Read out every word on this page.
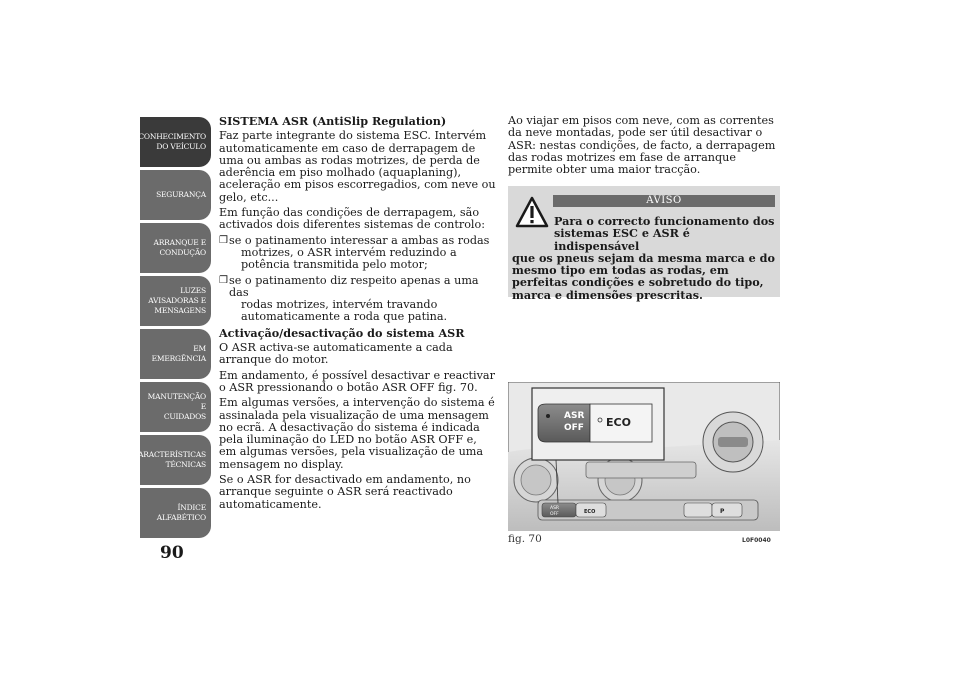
CONHECIMENTO
DO VEÍCULO
SEGURANÇA
ARRANQUE E
CONDUÇÃO
LUZES
AVISADORAS E
MENSAGENS
EM EMERGÊNCIA
MANUTENÇÃO E
CUIDADOS
CARACTERÍSTICAS
TÉCNICAS
ÍNDICE
ALFABÉTICO
90
SISTEMA ASR (AntiSlip Regulation)

Faz parte integrante do sistema ESC. Intervém automaticamente em caso de derrapagem de uma ou ambas as rodas motrizes, de perda de aderência em piso molhado (aquaplaning), aceleração em pisos escorregadios, com neve ou gelo, etc...

Em função das condições de derrapagem, são activados dois diferentes sistemas de controlo:

❒ se o patinamento interessar a ambas as rodas
motrizes, o ASR intervém reduzindo a potência transmitida pelo motor;
❒ se o patinamento diz respeito apenas a uma das
rodas motrizes, intervém travando automaticamente a roda que patina.
Activação/desactivação do sistema ASR

O ASR activa-se automaticamente a cada arranque do motor.

Em andamento, é possível desactivar e reactivar o ASR pressionando o botão ASR OFF fig. 70.

Em algumas versões, a intervenção do sistema é assinalada pela visualização de uma mensagem no ecrã. A desactivação do sistema é indicada pela iluminação do LED no botão ASR OFF e, em algumas versões, pela visualização de uma mensagem no display.

Se o ASR for desactivado em andamento, no arranque seguinte o ASR será reactivado automaticamente.

Ao viajar em pisos com neve, com as correntes da neve montadas, pode ser útil desactivar o ASR: nestas condições, de facto, a derrapagem das rodas motrizes em fase de arranque permite obter uma maior tracção.

AVISO
Para o correcto funcionamento dos sistemas ESC e ASR é indispensável
que os pneus sejam da mesma marca e do mesmo tipo em todas as rodas, em perfeitas condições e sobretudo do tipo, marca e dimensões prescritas.
ASR
OFF	ECO	P
ASR
OFF ECO
fig. 70	L0F0040
